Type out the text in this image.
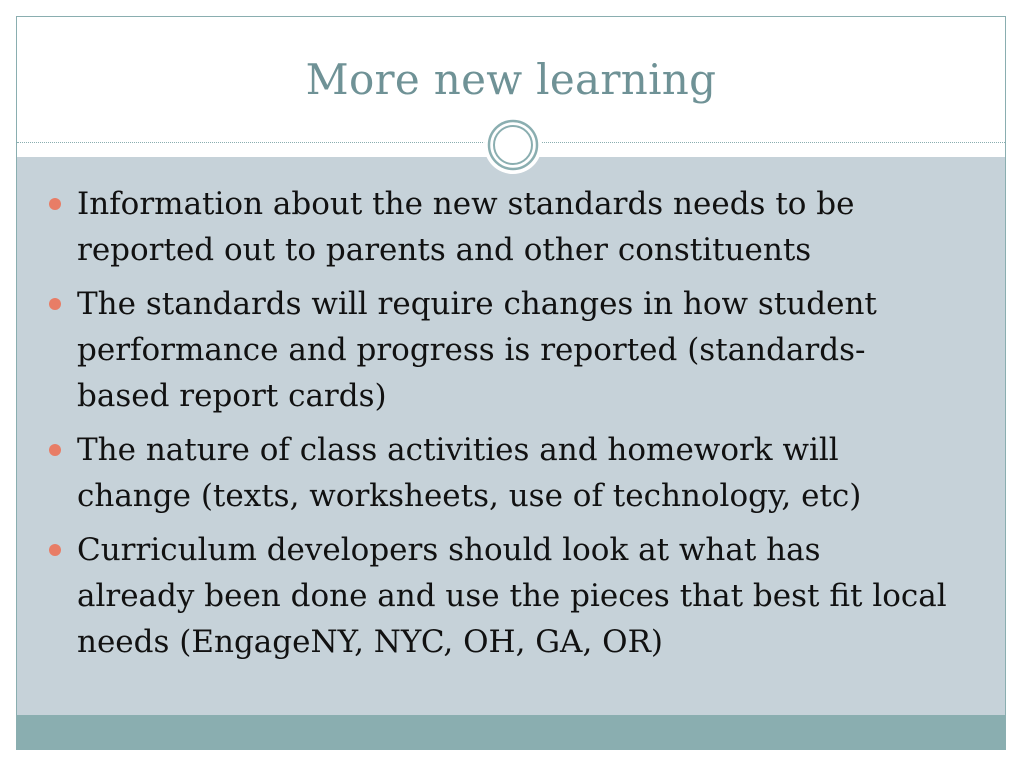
More new learning
Information about the new standards needs to be reported out to parents and other constituents
The standards will require changes in how student performance and progress is reported (standards-based report cards)
The nature of class activities and homework will change (texts, worksheets, use of technology, etc)
Curriculum developers should look at what has already been done and use the pieces that best fit local needs (EngageNY, NYC, OH, GA, OR)
